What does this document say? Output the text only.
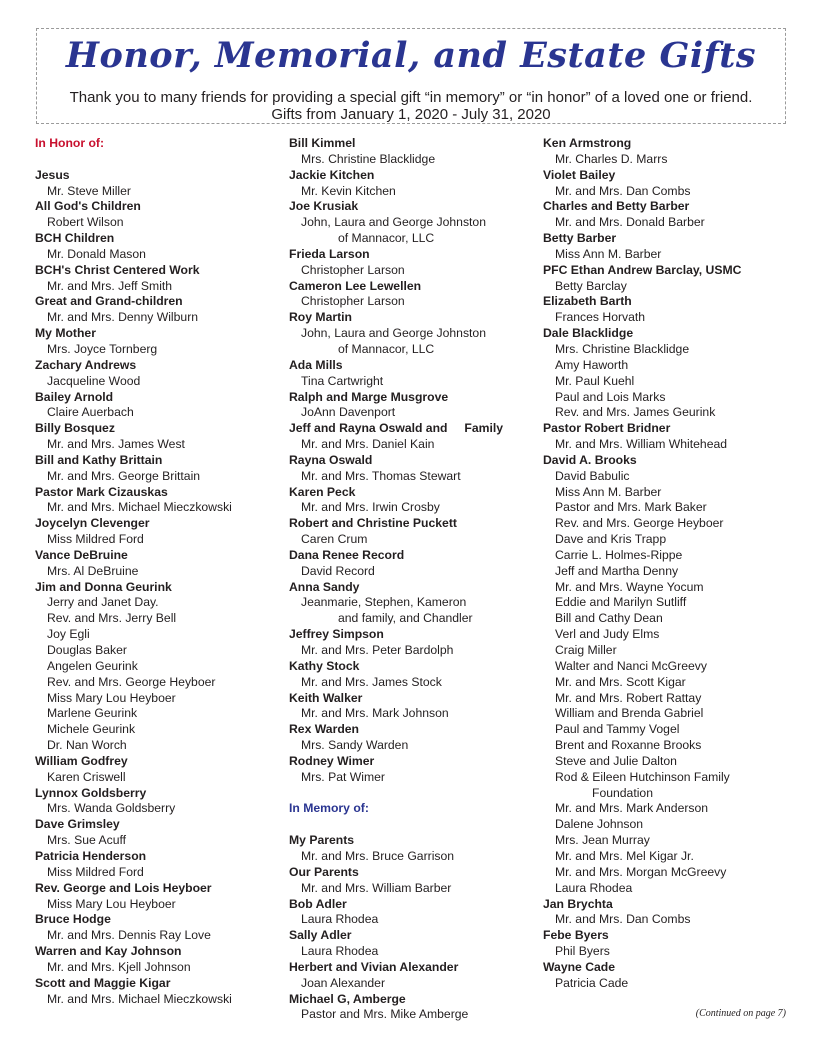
Honor, Memorial, and Estate Gifts
Thank you to many friends for providing a special gift “in memory” or “in honor” of a loved one or friend.
Gifts from January 1, 2020 - July 31, 2020
In Honor of:
Jesus
Mr. Steve Miller
All God's Children
Robert Wilson
BCH Children
Mr. Donald Mason
BCH's Christ Centered Work
Mr. and Mrs. Jeff Smith
Great and Grand-children
Mr. and Mrs. Denny Wilburn
My Mother
Mrs. Joyce Tornberg
Zachary Andrews
Jacqueline Wood
Bailey Arnold
Claire Auerbach
Billy Bosquez
Mr. and Mrs. James West
Bill and Kathy Brittain
Mr. and Mrs. George Brittain
Pastor Mark Cizauskas
Mr. and Mrs. Michael Mieczkowski
Joycelyn Clevenger
Miss Mildred Ford
Vance DeBruine
Mrs. Al DeBruine
Jim and Donna Geurink
Jerry and Janet Day.
Rev. and Mrs. Jerry Bell
Joy Egli
Douglas Baker
Angelen Geurink
Rev. and Mrs. George Heyboer
Miss Mary Lou Heyboer
Marlene Geurink
Michele Geurink
Dr. Nan Worch
William Godfrey
Karen Criswell
Lynnox Goldsberry
Mrs. Wanda Goldsberry
Dave Grimsley
Mrs. Sue Acuff
Patricia Henderson
Miss Mildred Ford
Rev. George and Lois Heyboer
Miss Mary Lou Heyboer
Bruce Hodge
Mr. and Mrs. Dennis Ray Love
Warren and Kay Johnson
Mr. and Mrs. Kjell Johnson
Scott and Maggie Kigar
Mr. and Mrs. Michael Mieczkowski
Bill Kimmel
Mrs. Christine Blacklidge
Jackie Kitchen
Mr. Kevin Kitchen
Joe Krusiak
John, Laura and George Johnston
of Mannacor, LLC
Frieda Larson
Christopher Larson
Cameron Lee Lewellen
Christopher Larson
Roy Martin
John, Laura and George Johnston
of Mannacor, LLC
Ada Mills
Tina Cartwright
Ralph and Marge Musgrove
JoAnn Davenport
Jeff and Rayna Oswald and     Family
Mr. and Mrs. Daniel Kain
Rayna Oswald
Mr. and Mrs. Thomas Stewart
Karen Peck
Mr. and Mrs. Irwin Crosby
Robert and Christine Puckett
Caren Crum
Dana Renee Record
David Record
Anna Sandy
Jeanmarie, Stephen, Kameron
and family, and Chandler
Jeffrey Simpson
Mr. and Mrs. Peter Bardolph
Kathy Stock
Mr. and Mrs. James Stock
Keith Walker
Mr. and Mrs. Mark Johnson
Rex Warden
Mrs. Sandy Warden
Rodney Wimer
Mrs. Pat Wimer
In Memory of:
My Parents
Mr. and Mrs. Bruce Garrison
Our Parents
Mr. and Mrs. William Barber
Bob Adler
Laura Rhodea
Sally Adler
Laura Rhodea
Herbert and Vivian Alexander
Joan Alexander
Michael G, Amberge
Pastor and Mrs. Mike Amberge
Ken Armstrong
Mr. Charles D. Marrs
Violet Bailey
Mr. and Mrs. Dan Combs
Charles and Betty Barber
Mr. and Mrs. Donald Barber
Betty Barber
Miss Ann M. Barber
PFC Ethan Andrew Barclay, USMC
Betty Barclay
Elizabeth Barth
Frances Horvath
Dale Blacklidge
Mrs. Christine Blacklidge
Amy Haworth
Mr. Paul Kuehl
Paul and Lois Marks
Rev. and Mrs. James Geurink
Pastor Robert Bridner
Mr. and Mrs. William Whitehead
David A. Brooks
David Babulic
Miss Ann M. Barber
Pastor and Mrs. Mark Baker
Rev. and Mrs. George Heyboer
Dave and Kris Trapp
Carrie L. Holmes-Rippe
Jeff and Martha Denny
Mr. and Mrs. Wayne Yocum
Eddie and Marilyn Sutliff
Bill and Cathy Dean
Verl and Judy Elms
Craig Miller
Walter and Nanci McGreevy
Mr. and Mrs. Scott Kigar
Mr. and Mrs. Robert Rattay
William and Brenda Gabriel
Paul and Tammy Vogel
Brent and Roxanne Brooks
Steve and Julie Dalton
Rod & Eileen Hutchinson Family
Foundation
Mr. and Mrs. Mark Anderson
Dalene Johnson
Mrs. Jean Murray
Mr. and Mrs. Mel Kigar Jr.
Mr. and Mrs. Morgan McGreevy
Laura Rhodea
Jan Brychta
Mr. and Mrs. Dan Combs
Febe Byers
Phil Byers
Wayne Cade
Patricia Cade
(Continued on page 7)
